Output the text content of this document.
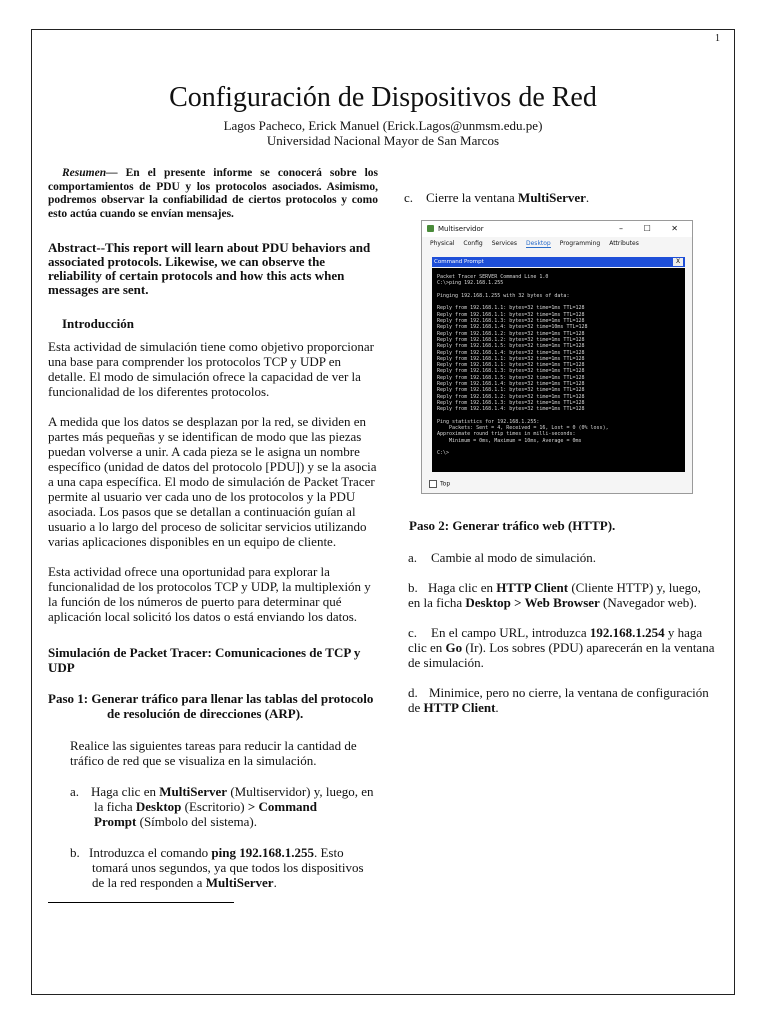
1
Configuración de Dispositivos de Red
Lagos Pacheco, Erick Manuel (Erick.Lagos@unmsm.edu.pe)
Universidad Nacional Mayor de San Marcos
Resumen— En el presente informe se conocerá sobre los comportamientos de PDU y los protocolos asociados. Asimismo, podremos observar la confiabilidad de ciertos protocolos y como esto actúa cuando se envían mensajes.
Abstract--This report will learn about PDU behaviors and associated protocols. Likewise, we can observe the reliability of certain protocols and how this acts when messages are sent.
Introducción

Esta actividad de simulación tiene como objetivo proporcionar una base para comprender los protocolos TCP y UDP en detalle. El modo de simulación ofrece la capacidad de ver la funcionalidad de los diferentes protocolos.

A medida que los datos se desplazan por la red, se dividen en partes más pequeñas y se identifican de modo que las piezas puedan volverse a unir. A cada pieza se le asigna un nombre específico (unidad de datos del protocolo [PDU]) y se la asocia a una capa específica. El modo de simulación de Packet Tracer permite al usuario ver cada uno de los protocolos y la PDU asociada. Los pasos que se detallan a continuación guían al usuario a lo largo del proceso de solicitar servicios utilizando varias aplicaciones disponibles en un equipo de cliente.

Esta actividad ofrece una oportunidad para explorar la funcionalidad de los protocolos TCP y UDP, la multiplexión y la función de los números de puerto para determinar qué aplicación local solicitó los datos o está enviando los datos.

Simulación de Packet Tracer: Comunicaciones de TCP y UDP
Paso 1: Generar tráfico para llenar las tablas del protocolo
de resolución de direcciones (ARP).
Realice las siguientes tareas para reducir la cantidad de tráfico de red que se visualiza en la simulación.
a. Haga clic en MultiServer (Multiservidor) y, luego, en
la ficha Desktop (Escritorio) > Command
Prompt (Símbolo del sistema).
b. Introduzca el comando ping 192.168.1.255. Esto
tomará unos segundos, ya que todos los dispositivos de la red responden a MultiServer.
c. Cierre la ventana MultiServer.
Multiservidor	– ☐ ✕
Physical Config Services Desktop Programming Attributes
Command Prompt	X
Packet Tracer SERVER Command Line 1.0
C:\>ping 192.168.1.255

Pinging 192.168.1.255 with 32 bytes of data:

Reply from 192.168.1.1: bytes=32 time=1ms TTL=128
Reply from 192.168.1.1: bytes=32 time=1ms TTL=128
Reply from 192.168.1.3: bytes=32 time=1ms TTL=128
Reply from 192.168.1.4: bytes=32 time=10ms TTL=128
Reply from 192.168.1.2: bytes=32 time=1ms TTL=128
Reply from 192.168.1.2: bytes=32 time=1ms TTL=128
Reply from 192.168.1.5: bytes=32 time=1ms TTL=128
Reply from 192.168.1.4: bytes=32 time=1ms TTL=128
Reply from 192.168.1.1: bytes=32 time=1ms TTL=128
Reply from 192.168.1.1: bytes=32 time=1ms TTL=128
Reply from 192.168.1.3: bytes=32 time=1ms TTL=128
Reply from 192.168.1.5: bytes=32 time=1ms TTL=128
Reply from 192.168.1.4: bytes=32 time=1ms TTL=128
Reply from 192.168.1.1: bytes=32 time=1ms TTL=128
Reply from 192.168.1.2: bytes=32 time=1ms TTL=128
Reply from 192.168.1.3: bytes=32 time=1ms TTL=128
Reply from 192.168.1.4: bytes=32 time=1ms TTL=128

Ping statistics for 192.168.1.255:
Packets: Sent = 4, Received = 16, Lost = 0 (0% loss),
Approximate round trip times in milli-seconds:
Minimum = 0ms, Maximum = 10ms, Average = 0ms

C:\>
Top
Paso 2: Generar tráfico web (HTTP).
a. Cambie al modo de simulación.
b. Haga clic en HTTP Client (Cliente HTTP) y, luego, en la ficha Desktop > Web Browser (Navegador web).
c. En el campo URL, introduzca 192.168.1.254 y haga clic en Go (Ir). Los sobres (PDU) aparecerán en la ventana de simulación.
d. Minimice, pero no cierre, la ventana de configuración de HTTP Client.
